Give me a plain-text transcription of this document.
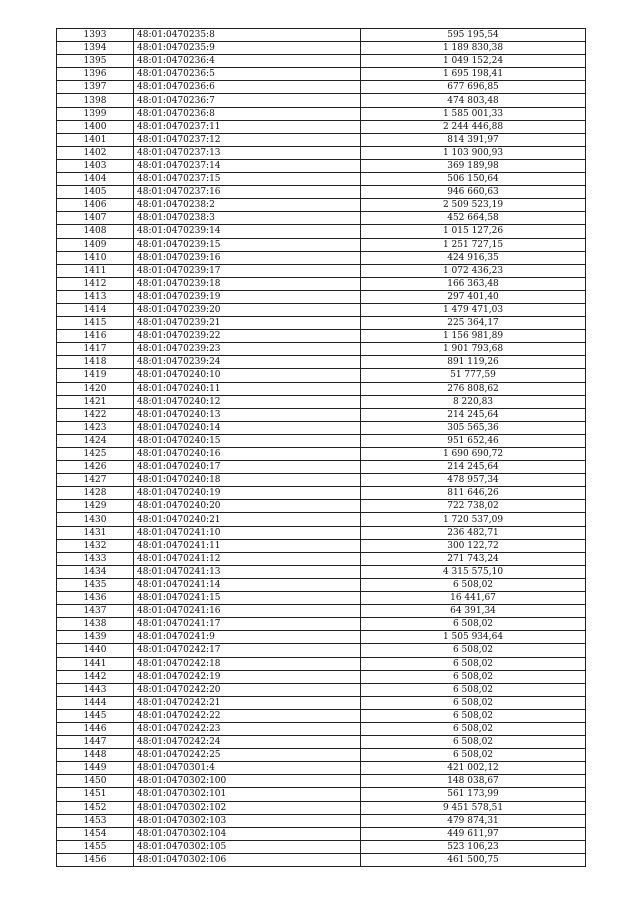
1393	48:01:0470235:8	595 195,54
1394	48:01:0470235:9	1 189 830,38
1395	48:01:0470236:4	1 049 152,24
1396	48:01:0470236:5	1 695 198,41
1397	48:01:0470236:6	677 696,85
1398	48:01:0470236:7	474 803,48
1399	48:01:0470236:8	1 585 001,33
1400	48:01:0470237:11	2 244 446,88
1401	48:01:0470237:12	814 391,97
1402	48:01:0470237:13	1 103 900,93
1403	48:01:0470237:14	369 189,98
1404	48:01:0470237:15	506 150,64
1405	48:01:0470237:16	946 660,63
1406	48:01:0470238:2	2 509 523,19
1407	48:01:0470238:3	452 664,58
1408	48:01:0470239:14	1 015 127,26
1409	48:01:0470239:15	1 251 727,15
1410	48:01:0470239:16	424 916,35
1411	48:01:0470239:17	1 072 436,23
1412	48:01:0470239:18	166 363,48
1413	48:01:0470239:19	297 401,40
1414	48:01:0470239:20	1 479 471,03
1415	48:01:0470239:21	225 364,17
1416	48:01:0470239:22	1 156 981,89
1417	48:01:0470239:23	1 901 793,68
1418	48:01:0470239:24	891 119,26
1419	48:01:0470240:10	51 777,59
1420	48:01:0470240:11	276 808,62
1421	48:01:0470240:12	8 220,83
1422	48:01:0470240:13	214 245,64
1423	48:01:0470240:14	305 565,36
1424	48:01:0470240:15	951 652,46
1425	48:01:0470240:16	1 690 690,72
1426	48:01:0470240:17	214 245,64
1427	48:01:0470240:18	478 957,34
1428	48:01:0470240:19	811 646,26
1429	48:01:0470240:20	722 738,02
1430	48:01:0470240:21	1 720 537,09
1431	48:01:0470241:10	236 482,71
1432	48:01:0470241:11	300 122,72
1433	48:01:0470241:12	271 743,24
1434	48:01:0470241:13	4 315 575,10
1435	48:01:0470241:14	6 508,02
1436	48:01:0470241:15	16 441,67
1437	48:01:0470241:16	64 391,34
1438	48:01:0470241:17	6 508,02
1439	48:01:0470241:9	1 505 934,64
1440	48:01:0470242:17	6 508,02
1441	48:01:0470242:18	6 508,02
1442	48:01:0470242:19	6 508,02
1443	48:01:0470242:20	6 508,02
1444	48:01:0470242:21	6 508,02
1445	48:01:0470242:22	6 508,02
1446	48:01:0470242:23	6 508,02
1447	48:01:0470242:24	6 508,02
1448	48:01:0470242:25	6 508,02
1449	48:01:0470301:4	421 002,12
1450	48:01:0470302:100	148 038,67
1451	48:01:0470302:101	561 173,99
1452	48:01:0470302:102	9 451 578,51
1453	48:01:0470302:103	479 874,31
1454	48:01:0470302:104	449 611,97
1455	48:01:0470302:105	523 106,23
1456	48:01:0470302:106	461 500,75
